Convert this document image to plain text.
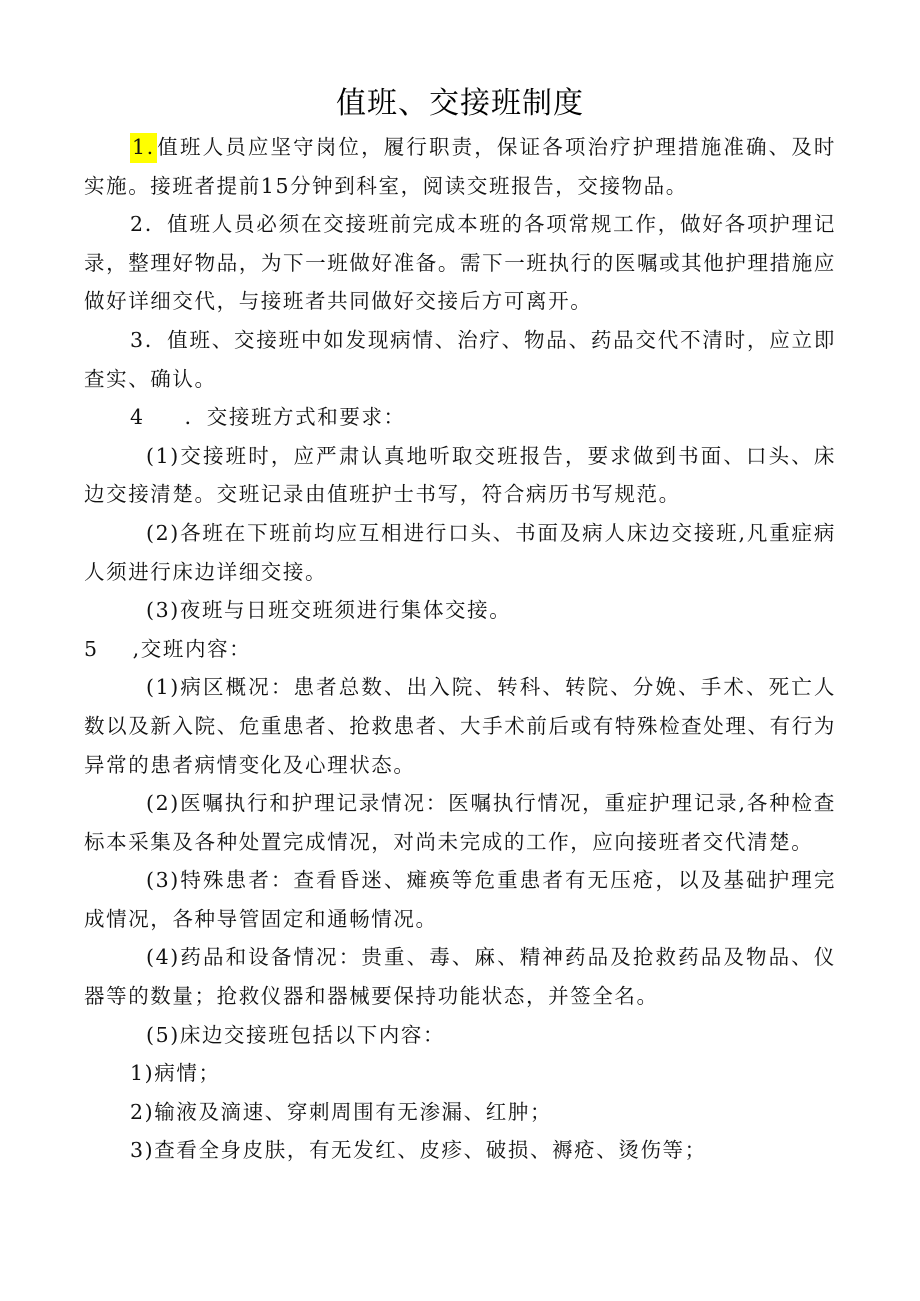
值班、交接班制度

1.值班人员应坚守岗位，履行职责，保证各项治疗护理措施准确、及时实施。接班者提前15分钟到科室，阅读交班报告，交接物品。

2．值班人员必须在交接班前完成本班的各项常规工作，做好各项护理记录，整理好物品，为下一班做好准备。需下一班执行的医嘱或其他护理措施应做好详细交代，与接班者共同做好交接后方可离开。

3．值班、交接班中如发现病情、治疗、物品、药品交代不清时，应立即查实、确认。

4 ．交接班方式和要求：

(1)交接班时，应严肃认真地听取交班报告，要求做到书面、口头、床边交接清楚。交班记录由值班护士书写，符合病历书写规范。

(2)各班在下班前均应互相进行口头、书面及病人床边交接班,凡重症病人须进行床边详细交接。

(3)夜班与日班交班须进行集体交接。

5 ,交班内容：

(1)病区概况：患者总数、出入院、转科、转院、分娩、手术、死亡人数以及新入院、危重患者、抢救患者、大手术前后或有特殊检查处理、有行为异常的患者病情变化及心理状态。

(2)医嘱执行和护理记录情况：医嘱执行情况，重症护理记录,各种检查标本采集及各种处置完成情况，对尚未完成的工作，应向接班者交代清楚。

(3)特殊患者：查看昏迷、瘫痪等危重患者有无压疮，以及基础护理完成情况，各种导管固定和通畅情况。

(4)药品和设备情况：贵重、毒、麻、精神药品及抢救药品及物品、仪器等的数量；抢救仪器和器械要保持功能状态，并签全名。

(5)床边交接班包括以下内容：

1)病情；

2)输液及滴速、穿刺周围有无渗漏、红肿；

3)查看全身皮肤，有无发红、皮疹、破损、褥疮、烫伤等；
